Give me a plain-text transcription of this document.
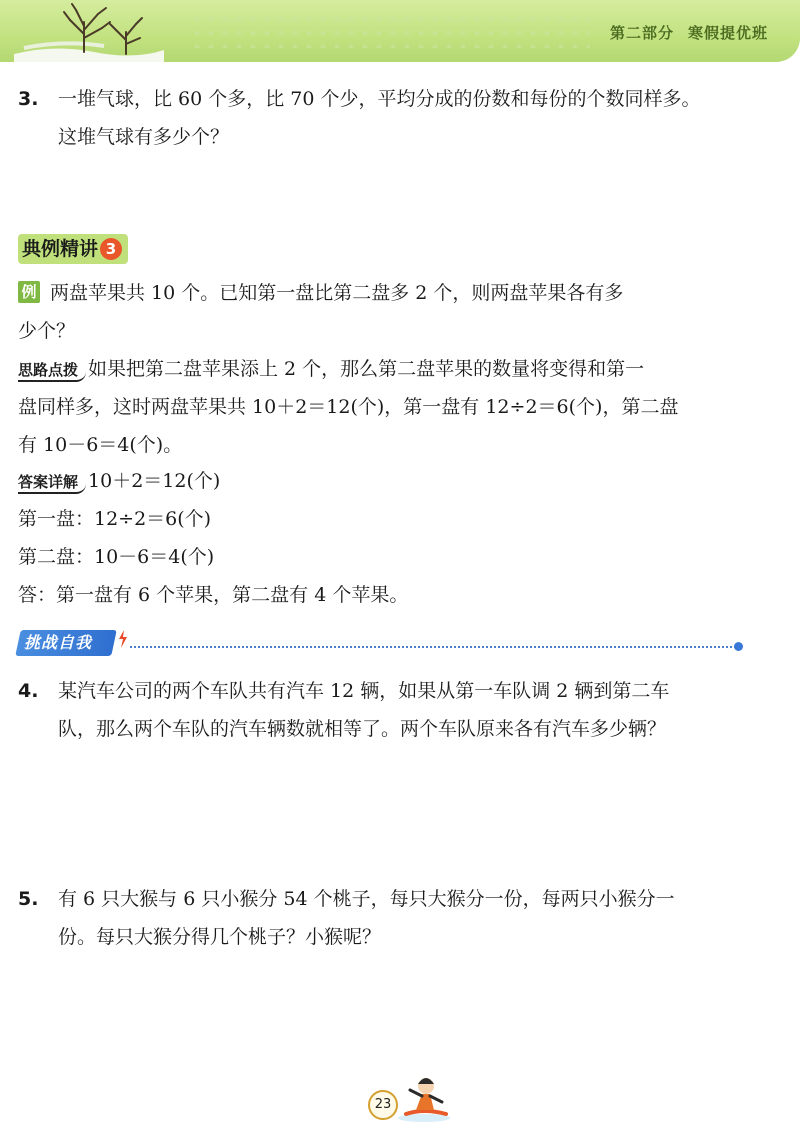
第二部分 寒假提优班
3. 一堆气球，比 60 个多，比 70 个少，平均分成的份数和每份的个数同样多。
这堆气球有多少个？
典例精讲 3
例 两盘苹果共 10 个。已知第一盘比第二盘多 2 个，则两盘苹果各有多
少个？
思路点拨 如果把第二盘苹果添上 2 个，那么第二盘苹果的数量将变得和第一
盘同样多，这时两盘苹果共 10＋2＝12(个)，第一盘有 12÷2＝6(个)，第二盘
有 10－6＝4(个)。
答案详解 10＋2＝12(个)
第一盘：12÷2＝6(个)
第二盘：10－6＝4(个)
答：第一盘有 6 个苹果，第二盘有 4 个苹果。
挑战自我
4. 某汽车公司的两个车队共有汽车 12 辆，如果从第一车队调 2 辆到第二车
队，那么两个车队的汽车辆数就相等了。两个车队原来各有汽车多少辆？
5. 有 6 只大猴与 6 只小猴分 54 个桃子，每只大猴分一份，每两只小猴分一
份。每只大猴分得几个桃子？小猴呢？
23
